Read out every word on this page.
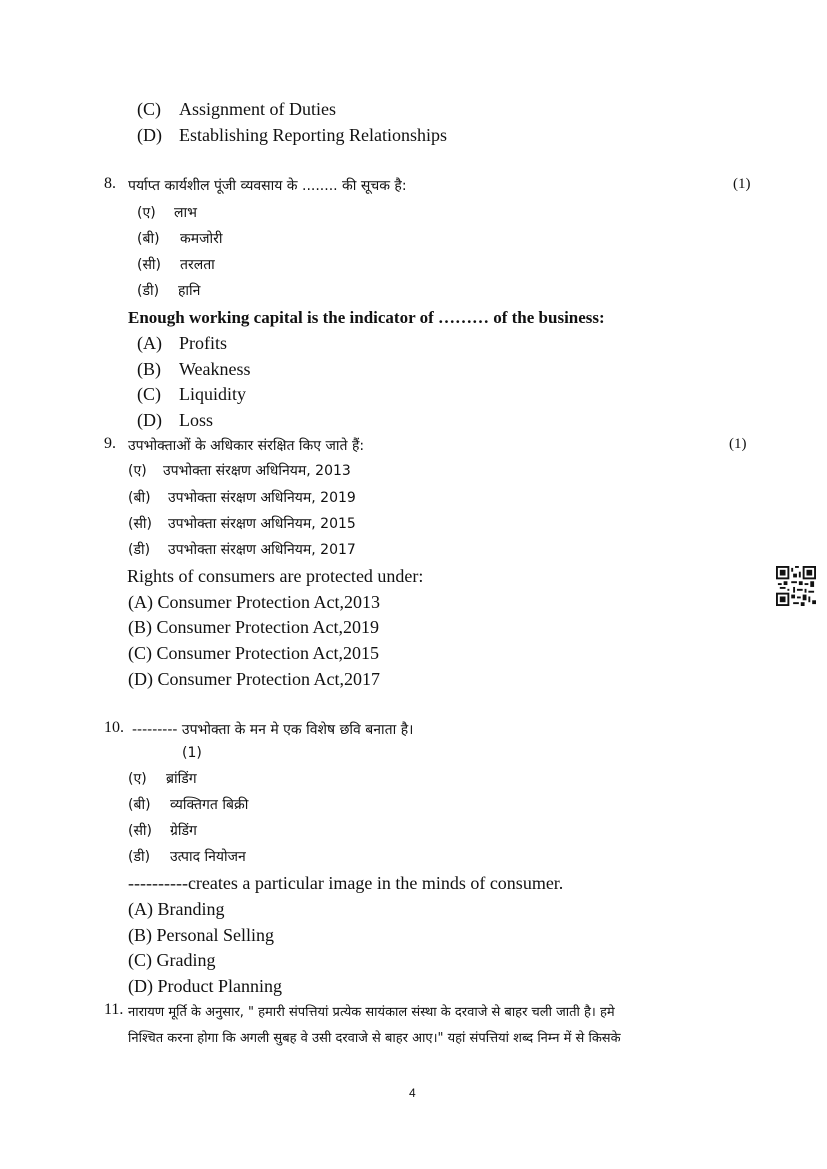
(C) Assignment of Duties
(D) Establishing Reporting Relationships
8. पर्याप्त कार्यशील पूंजी व्यवसाय के ........ की सूचक है:	(1)
(ए) लाभ
(बी) कमजोरी
(सी) तरलता
(डी) हानि
Enough working capital is the indicator of ……… of the business:
(A) Profits
(B) Weakness
(C) Liquidity
(D) Loss
9. उपभोक्ताओं के अधिकार संरक्षित किए जाते हैं:	(1)
(ए) उपभोक्ता संरक्षण अधिनियम, 2013
(बी) उपभोक्ता संरक्षण अधिनियम, 2019
(सी) उपभोक्ता संरक्षण अधिनियम, 2015
(डी) उपभोक्ता संरक्षण अधिनियम, 2017
Rights of consumers are protected under:
(A) Consumer Protection Act,2013
(B) Consumer Protection Act,2019
(C) Consumer Protection Act,2015
(D) Consumer Protection Act,2017
10. --------- उपभोक्ता के मन मे एक विशेष छवि बनाता है।
(1)
(ए) ब्रांडिंग
(बी) व्यक्तिगत बिक्री
(सी) ग्रेडिंग
(डी) उत्पाद नियोजन
----------creates a particular image in the minds of consumer.
(A) Branding
(B) Personal Selling
(C) Grading
(D) Product Planning
11. नारायण मूर्ति के अनुसार, " हमारी संपत्तियां प्रत्येक सायंकाल संस्था के दरवाजे से बाहर चली जाती है। हमे
निश्चित करना होगा कि अगली सुबह वे उसी दरवाजे से बाहर आए।" यहां संपत्तियां शब्द निम्न में से किसके
4
